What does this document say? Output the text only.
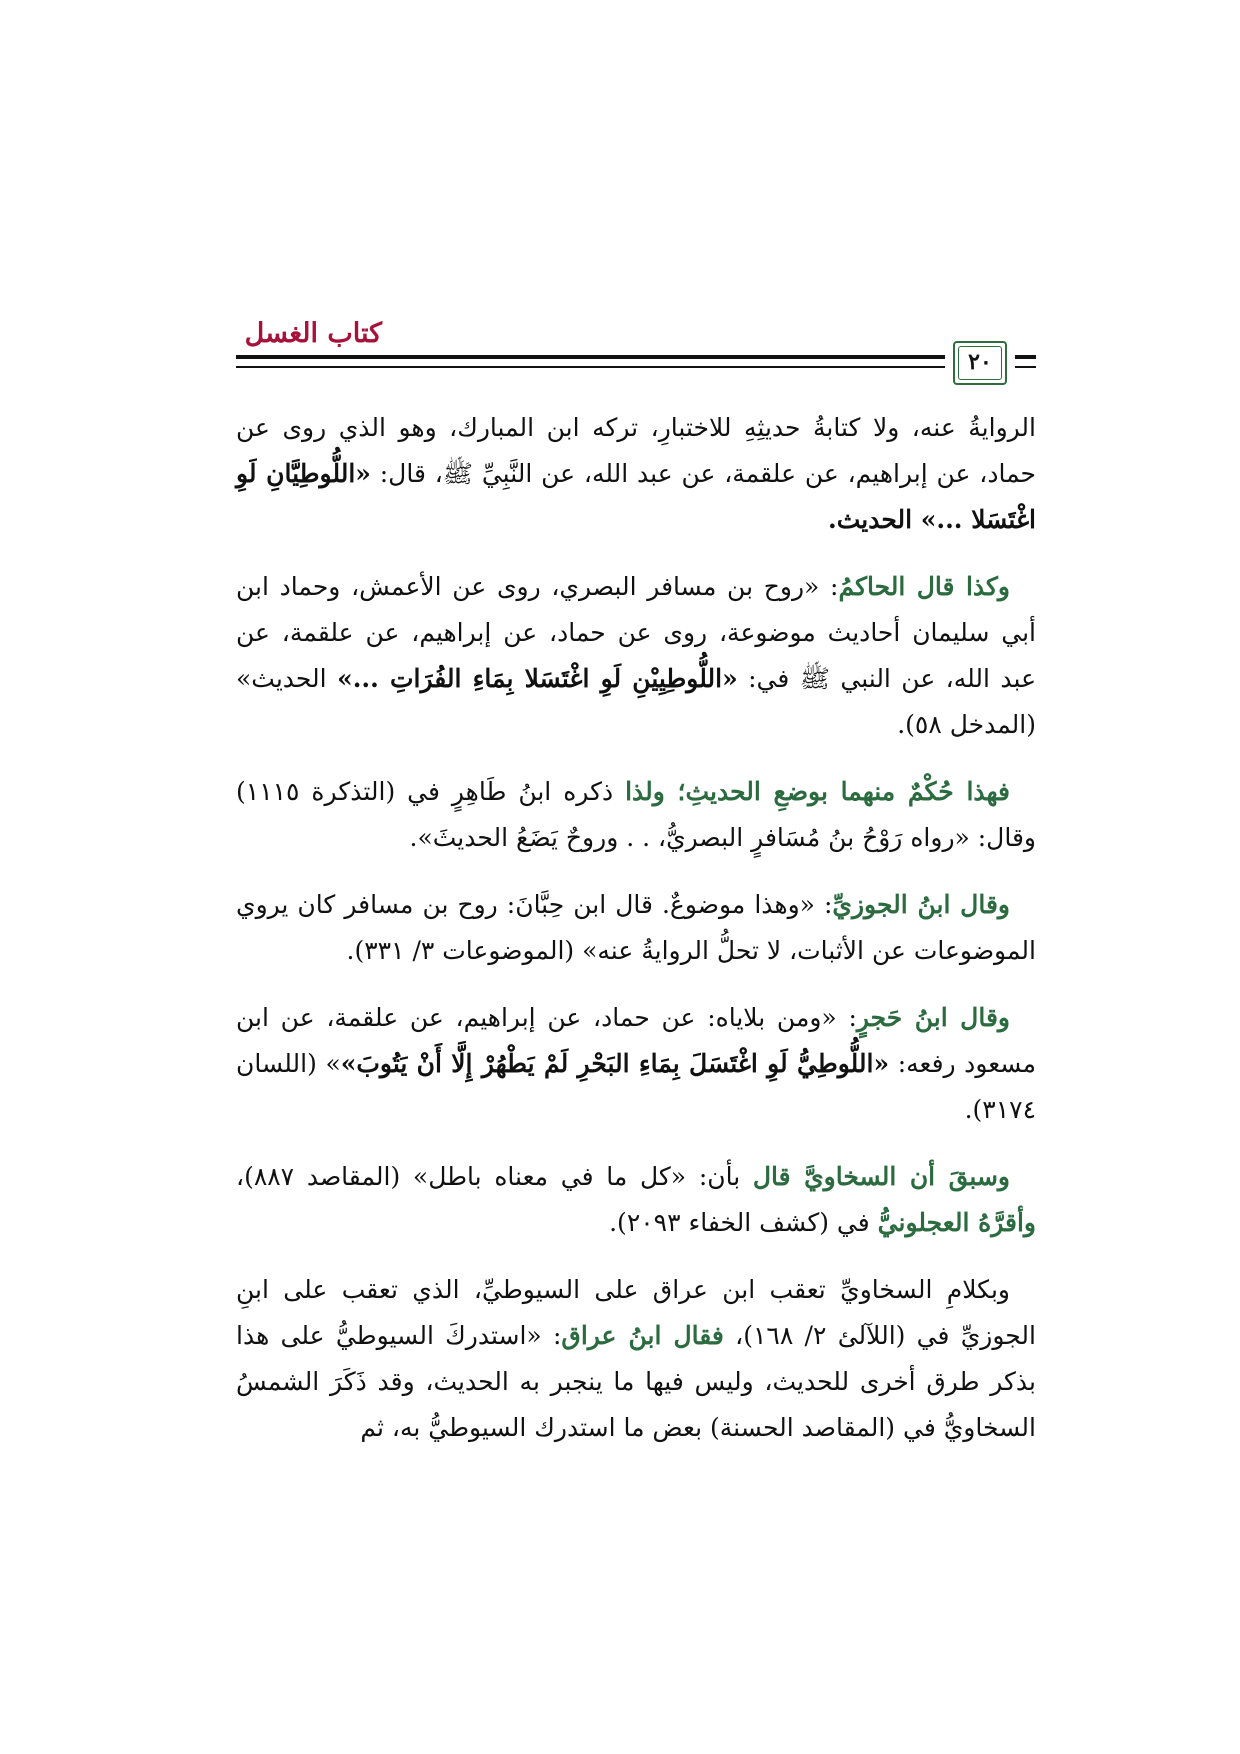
كتاب الغسل
٢٠

الروايةُ عنه، ولا كتابةُ حديثِهِ للاختبارِ، تركه ابن المبارك، وهو الذي روى عن حماد، عن إبراهيم، عن علقمة، عن عبد الله، عن النَّبِيِّ ﷺ، قال: «اللُّوطِيَّانِ لَوِ اغْتَسَلا ...» الحديث.

وكذا قال الحاكمُ: «روح بن مسافر البصري، روى عن الأعمش، وحماد ابن أبي سليمان أحاديث موضوعة، روى عن حماد، عن إبراهيم، عن علقمة، عن عبد الله، عن النبي ﷺ في: «اللُّوطِيِيْنِ لَوِ اغْتَسَلا بِمَاءِ الفُرَاتِ ...» الحديث» (المدخل ٥٨).

فهذا حُكْمٌ منهما بوضعِ الحديثِ؛ ولذا ذكره ابنُ طَاهِرٍ في (التذكرة ١١١٥) وقال: «رواه رَوْحُ بنُ مُسَافرٍ البصريُّ، . . وروحٌ يَضَعُ الحديثَ».

وقال ابنُ الجوزيِّ: «وهذا موضوعٌ. قال ابن حِبَّانَ: روح بن مسافر كان يروي الموضوعات عن الأثبات، لا تحلُّ الروايةُ عنه» (الموضوعات ٣/ ٣٣١).

وقال ابنُ حَجرٍ: «ومن بلاياه: عن حماد، عن إبراهيم، عن علقمة، عن ابن مسعود رفعه: «اللُّوطِيُّ لَوِ اغْتَسَلَ بِمَاءِ البَحْرِ لَمْ يَطْهُرْ إِلَّا أَنْ يَتُوبَ»» (اللسان ٣١٧٤).

وسبقَ أن السخاويَّ قال بأن: «كل ما في معناه باطل» (المقاصد ٨٨٧)، وأقرَّهُ العجلونيُّ في (كشف الخفاء ٢٠٩٣).

وبكلامِ السخاويِّ تعقب ابن عراق على السيوطيِّ، الذي تعقب على ابنِ الجوزيِّ في (اللآلئ ٢/ ١٦٨)، فقال ابنُ عراق: «استدركَ السيوطيُّ على هذا بذكر طرق أخرى للحديث، وليس فيها ما ينجبر به الحديث، وقد ذَكَرَ الشمسُ السخاويُّ في (المقاصد الحسنة) بعض ما استدرك السيوطيُّ به، ثم
